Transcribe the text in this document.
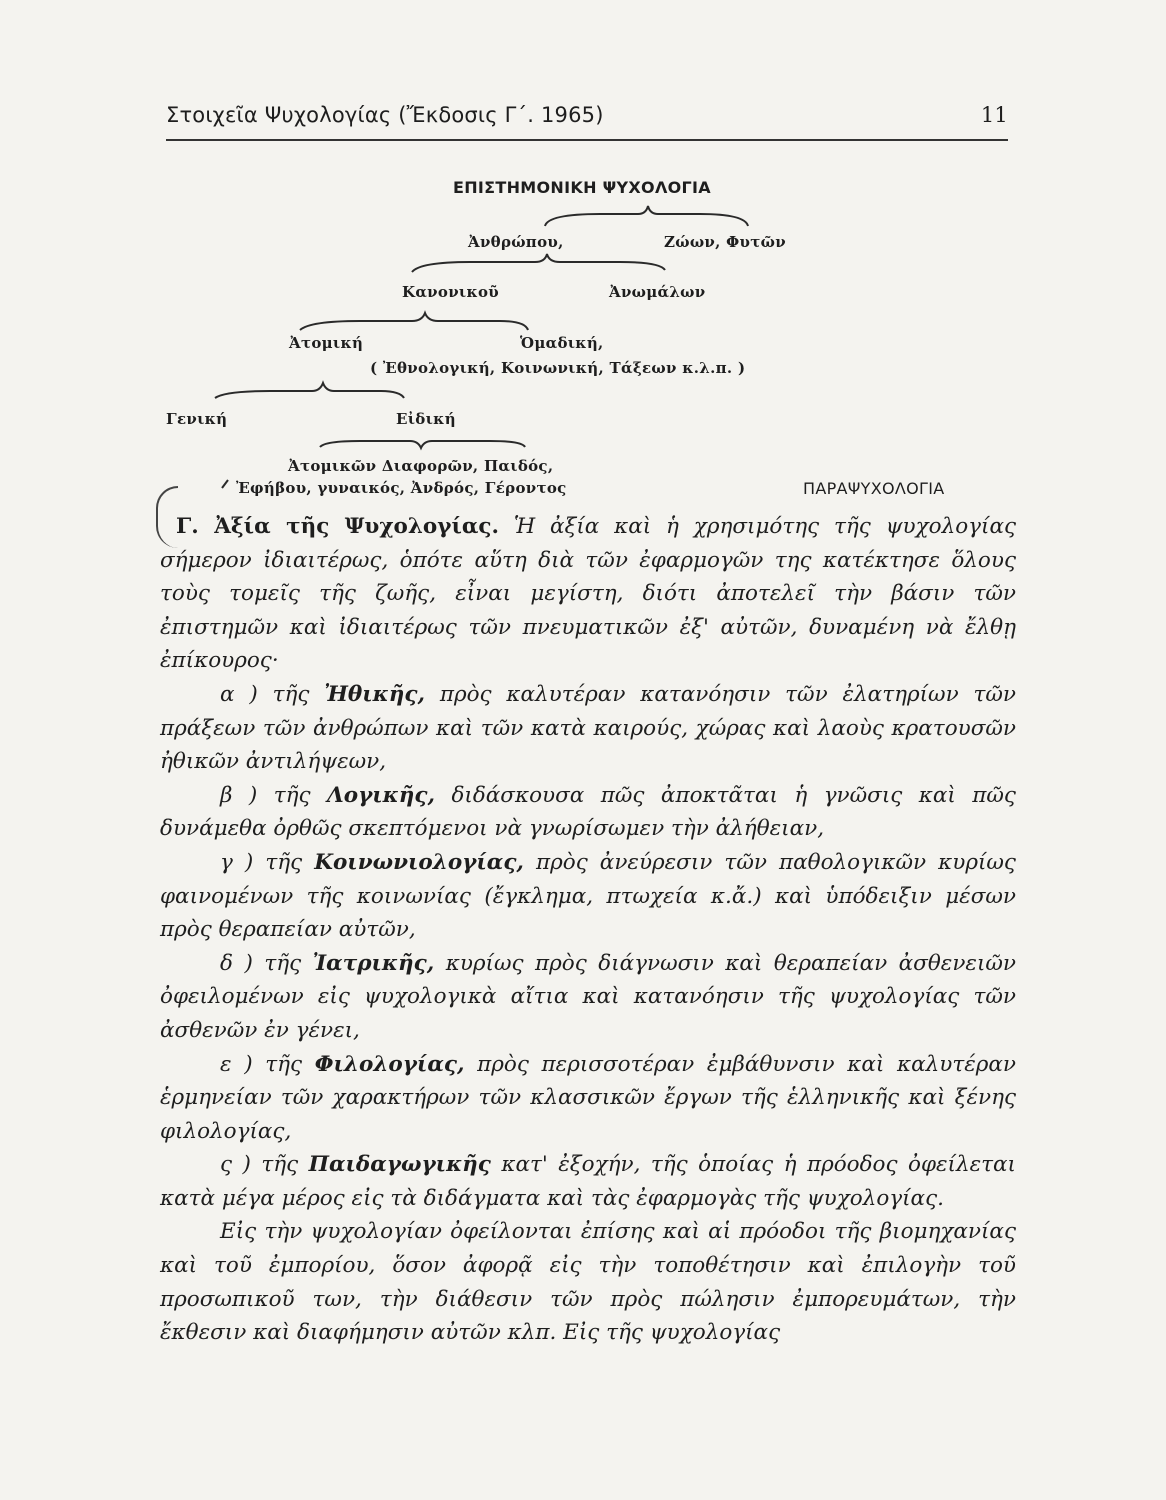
Στοιχεῖα Ψυχολογίας (Ἔκδοσις Γ΄. 1965)	11
ΕΠΙΣΤΗΜΟΝΙΚΗ ΨΥΧΟΛΟΓΙΑ
Ἀνθρώπου,	Ζώων, Φυτῶν
Κανονικοῦ	Ἀνωμάλων
Ἀτομική	Ὁμαδική,
( Ἐθνολογική, Κοινωνική, Τάξεων κ.λ.π. )
Γενική	Εἰδική
Ἀτομικῶν Διαφορῶν, Παιδός,
Ἐφήβου, γυναικός, Ἀνδρός, Γέροντος	ΠΑΡΑΨΥΧΟΛΟΓΙΑ

Γ. Ἀξία τῆς Ψυχολογίας. Ἡ ἀξία καὶ ἡ χρησιμότης τῆς ψυχολογίας σήμερον ἰδιαιτέρως, ὁπότε αὕτη διὰ τῶν ἐφαρμογῶν της κατέκτησε ὅλους τοὺς τομεῖς τῆς ζωῆς, εἶναι μεγίστη, διότι ἀποτελεῖ τὴν βάσιν τῶν ἐπιστημῶν καὶ ἰδιαιτέρως τῶν πνευματικῶν ἐξ' αὐτῶν, δυναμένη νὰ ἔλθῃ ἐπίκουρος·

α ) τῆς Ἠθικῆς, πρὸς καλυτέραν κατανόησιν τῶν ἐλατηρίων τῶν πράξεων τῶν ἀνθρώπων καὶ τῶν κατὰ καιρούς, χώρας καὶ λαοὺς κρατουσῶν ἠθικῶν ἀντιλήψεων,

β ) τῆς Λογικῆς, διδάσκουσα πῶς ἀποκτᾶται ἡ γνῶσις καὶ πῶς δυνάμεθα ὀρθῶς σκεπτόμενοι νὰ γνωρίσωμεν τὴν ἀλήθειαν,

γ ) τῆς Κοινωνιολογίας, πρὸς ἀνεύρεσιν τῶν παθολογικῶν κυρίως φαινομένων τῆς κοινωνίας (ἔγκλημα, πτωχεία κ.ἄ.) καὶ ὑπόδειξιν μέσων πρὸς θεραπείαν αὐτῶν,

δ ) τῆς Ἰατρικῆς, κυρίως πρὸς διάγνωσιν καὶ θεραπείαν ἀσθενειῶν ὀφειλομένων εἰς ψυχολογικὰ αἴτια καὶ κατανόησιν τῆς ψυχολογίας τῶν ἀσθενῶν ἐν γένει,

ε ) τῆς Φιλολογίας, πρὸς περισσοτέραν ἐμβάθυνσιν καὶ καλυτέραν ἑρμηνείαν τῶν χαρακτήρων τῶν κλασσικῶν ἔργων τῆς ἑλληνικῆς καὶ ξένης φιλολογίας,

ς ) τῆς Παιδαγωγικῆς κατ' ἐξοχήν, τῆς ὁποίας ἡ πρόοδος ὀφείλεται κατὰ μέγα μέρος εἰς τὰ διδάγματα καὶ τὰς ἐφαρμογὰς τῆς ψυχολογίας.

Εἰς τὴν ψυχολογίαν ὀφείλονται ἐπίσης καὶ αἱ πρόοδοι τῆς βιομηχανίας καὶ τοῦ ἐμπορίου, ὅσον ἀφορᾷ εἰς τὴν τοποθέτησιν καὶ ἐπιλογὴν τοῦ προσωπικοῦ των, τὴν διάθεσιν τῶν πρὸς πώλησιν ἐμπορευμάτων, τὴν ἔκθεσιν καὶ διαφήμησιν αὐτῶν κλπ. Εἰς τῆς ψυχολογίας
